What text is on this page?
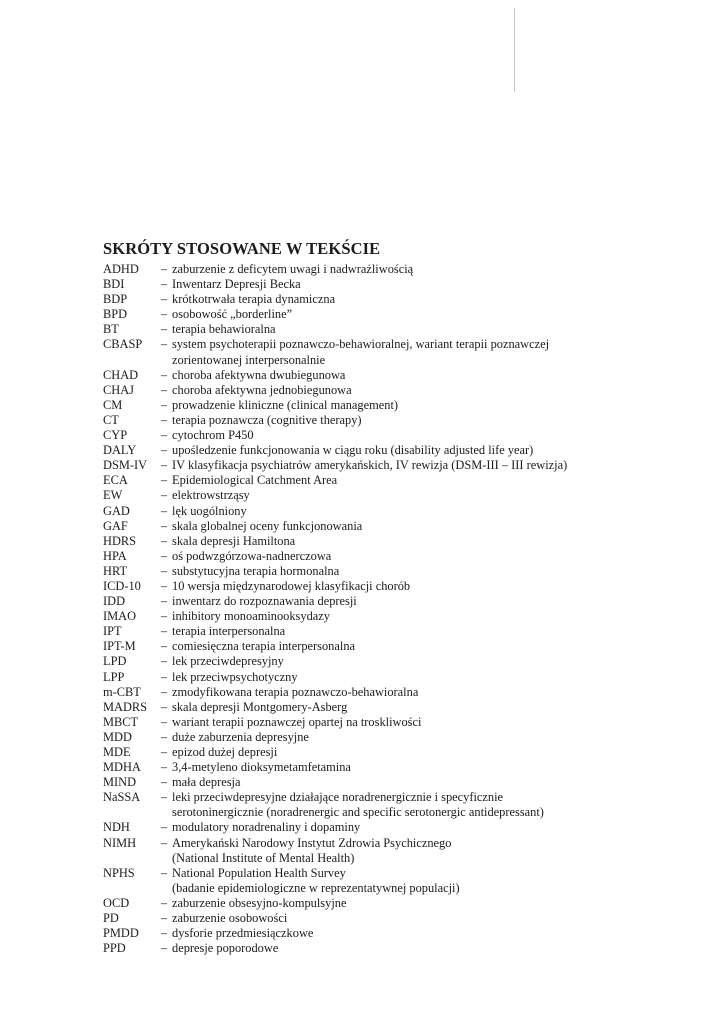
SKRÓTY STOSOWANE W TEKŚCIE
ADHD	– zaburzenie z deficytem uwagi i nadwrażliwością
BDI	– Inwentarz Depresji Becka
BDP	– krótkotrwała terapia dynamiczna
BPD	– osobowość „borderline”
BT	– terapia behawioralna
CBASP	– system psychoterapii poznawczo-behawioralnej, wariant terapii poznawczej
zorientowanej interpersonalnie
CHAD	– choroba afektywna dwubiegunowa
CHAJ	– choroba afektywna jednobiegunowa
CM	– prowadzenie kliniczne (clinical management)
CT	– terapia poznawcza (cognitive therapy)
CYP	– cytochrom P450
DALY	– upośledzenie funkcjonowania w ciągu roku (disability adjusted life year)
DSM-IV	– IV klasyfikacja psychiatrów amerykańskich, IV rewizja (DSM-III – III rewizja)
ECA	– Epidemiological Catchment Area
EW	– elektrowstrząsy
GAD	– lęk uogólniony
GAF	– skala globalnej oceny funkcjonowania
HDRS	– skala depresji Hamiltona
HPA	– oś podwzgórzowa-nadnerczowa
HRT	– substytucyjna terapia hormonalna
ICD-10	– 10 wersja międzynarodowej klasyfikacji chorób
IDD	– inwentarz do rozpoznawania depresji
IMAO	– inhibitory monoaminooksydazy
IPT	– terapia interpersonalna
IPT-M	– comiesięczna terapia interpersonalna
LPD	– lek przeciwdepresyjny
LPP	– lek przeciwpsychotyczny
m-CBT	– zmodyfikowana terapia poznawczo-behawioralna
MADRS	– skala depresji Montgomery-Asberg
MBCT	– wariant terapii poznawczej opartej na troskliwości
MDD	– duże zaburzenia depresyjne
MDE	– epizod dużej depresji
MDHA	– 3,4-metyleno dioksymetamfetamina
MIND	– mała depresja
NaSSA	– leki przeciwdepresyjne działające noradrenergicznie i specyficznie
serotoninergicznie (noradrenergic and specific serotonergic antidepressant)
NDH	– modulatory noradrenaliny i dopaminy
NIMH	– Amerykański Narodowy Instytut Zdrowia Psychicznego
(National Institute of Mental Health)
NPHS	– National Population Health Survey
(badanie epidemiologiczne w reprezentatywnej populacji)
OCD	– zaburzenie obsesyjno-kompulsyjne
PD	– zaburzenie osobowości
PMDD	– dysforie przedmiesiączkowe
PPD	– depresje poporodowe
